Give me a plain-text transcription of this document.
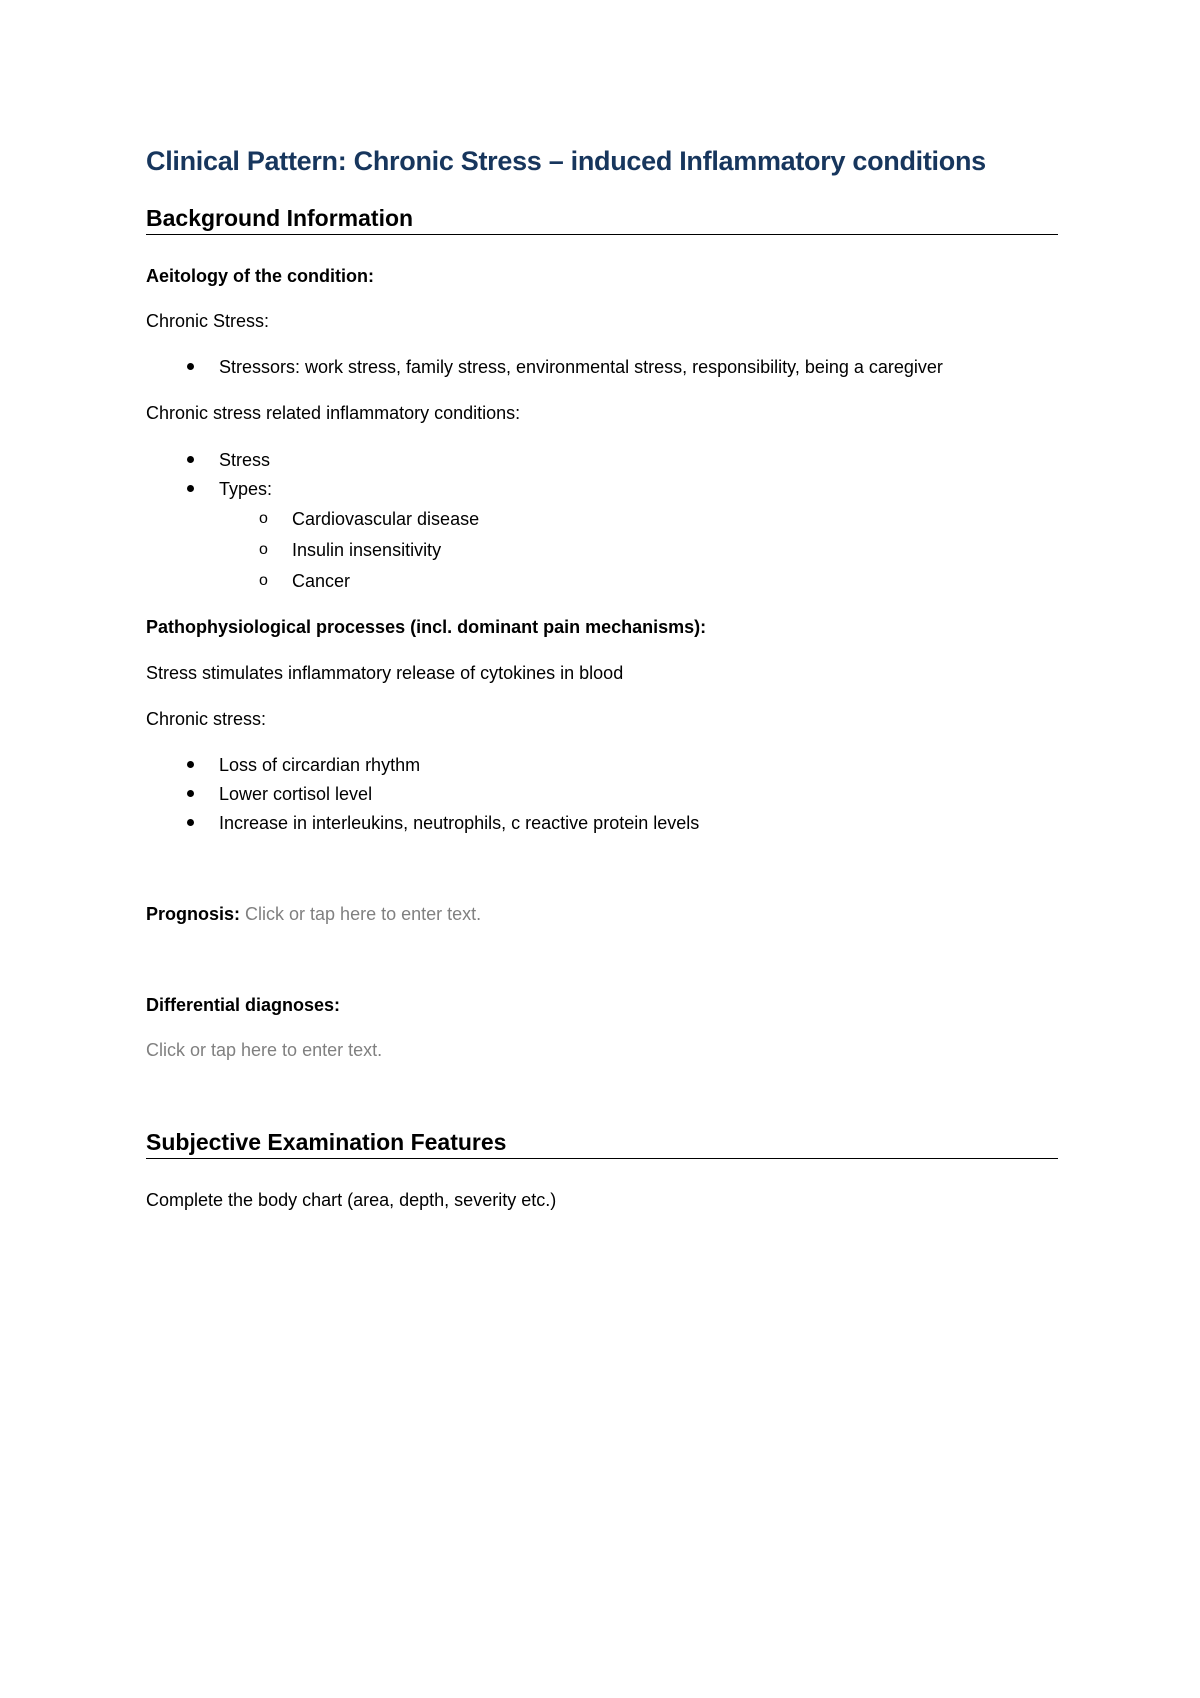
Clinical Pattern: Chronic Stress – induced Inflammatory conditions
Background Information

Aeitology of the condition:

Chronic Stress:

Stressors: work stress, family stress, environmental stress, responsibility, being a caregiver

Chronic stress related inflammatory conditions:

Stress

Types:

o Cardiovascular disease

o Insulin insensitivity

o Cancer

Pathophysiological processes (incl. dominant pain mechanisms):

Stress stimulates inflammatory release of cytokines in blood

Chronic stress:

Loss of circardian rhythm

Lower cortisol level

Increase in interleukins, neutrophils, c reactive protein levels

Prognosis: Click or tap here to enter text.

Differential diagnoses:

Click or tap here to enter text.

Subjective Examination Features

Complete the body chart (area, depth, severity etc.)
